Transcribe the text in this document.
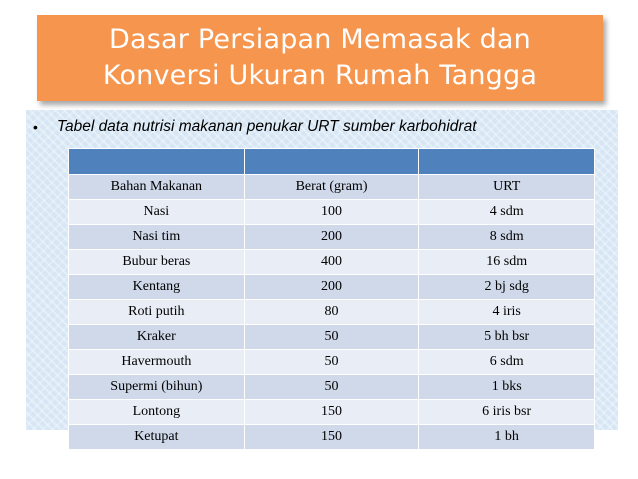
Dasar Persiapan Memasak dan
Konversi Ukuran Rumah Tangga
• Tabel data nutrisi makanan penukar URT sumber karbohidrat

Bahan Makanan	Berat (gram)	URT
Nasi	100	4 sdm
Nasi tim	200	8 sdm
Bubur beras	400	16 sdm
Kentang	200	2 bj sdg
Roti putih	80	4 iris
Kraker	50	5 bh bsr
Havermouth	50	6 sdm
Supermi (bihun)	50	1 bks
Lontong	150	6 iris bsr
Ketupat	150	1 bh
